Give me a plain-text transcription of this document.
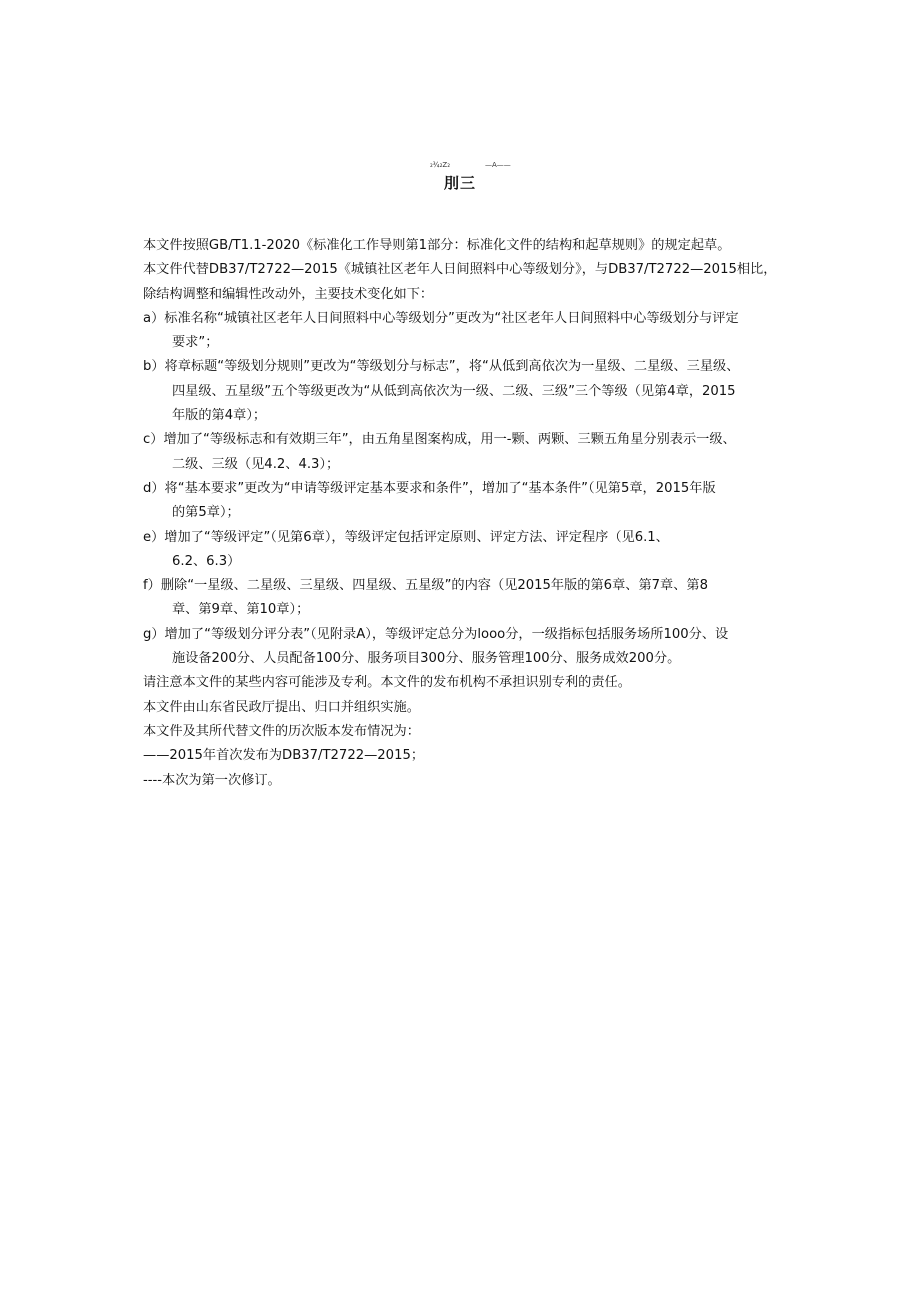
₂¾₂Z₂	—A——
刖三
本文件按照GB/T1.1-2020《标准化工作导则第1部分：标准化文件的结构和起草规则》的规定起草。
本文件代替DB37/T2722—2015《城镇社区老年人日间照料中心等级划分》，与DB37/T2722—2015相比，
除结构调整和编辑性改动外，主要技术变化如下：
a）标准名称“城镇社区老年人日间照料中心等级划分”更改为“社区老年人日间照料中心等级划分与评定
要求”；
b）将章标题“等级划分规则”更改为“等级划分与标志”，将“从低到高依次为一星级、二星级、三星级、
四星级、五星级”五个等级更改为“从低到高依次为一级、二级、三级”三个等级（见第4章，2015
年版的第4章）；
c）增加了“等级标志和有效期三年”，由五角星图案构成，用一-颗、两颗、三颗五角星分别表示一级、
二级、三级（见4.2、4.3）；
d）将“基本要求”更改为“申请等级评定基本要求和条件”，增加了“基本条件”（见第5章，2015年版
的第5章）；
e）增加了“等级评定”（见第6章），等级评定包括评定原则、评定方法、评定程序（见6.1、
6.2、6.3）
f）删除“一星级、二星级、三星级、四星级、五星级”的内容（见2015年版的第6章、第7章、第8
章、第9章、第10章）；
g）增加了“等级划分评分表”（见附录A），等级评定总分为looo分，一级指标包括服务场所100分、设
施设备200分、人员配备100分、服务项目300分、服务管理100分、服务成效200分。
请注意本文件的某些内容可能涉及专利。本文件的发布机构不承担识别专利的责任。
本文件由山东省民政厅提出、归口并组织实施。
本文件及其所代替文件的历次版本发布情况为：
——2015年首次发布为DB37/T2722—2015；
----本次为第一次修订。
